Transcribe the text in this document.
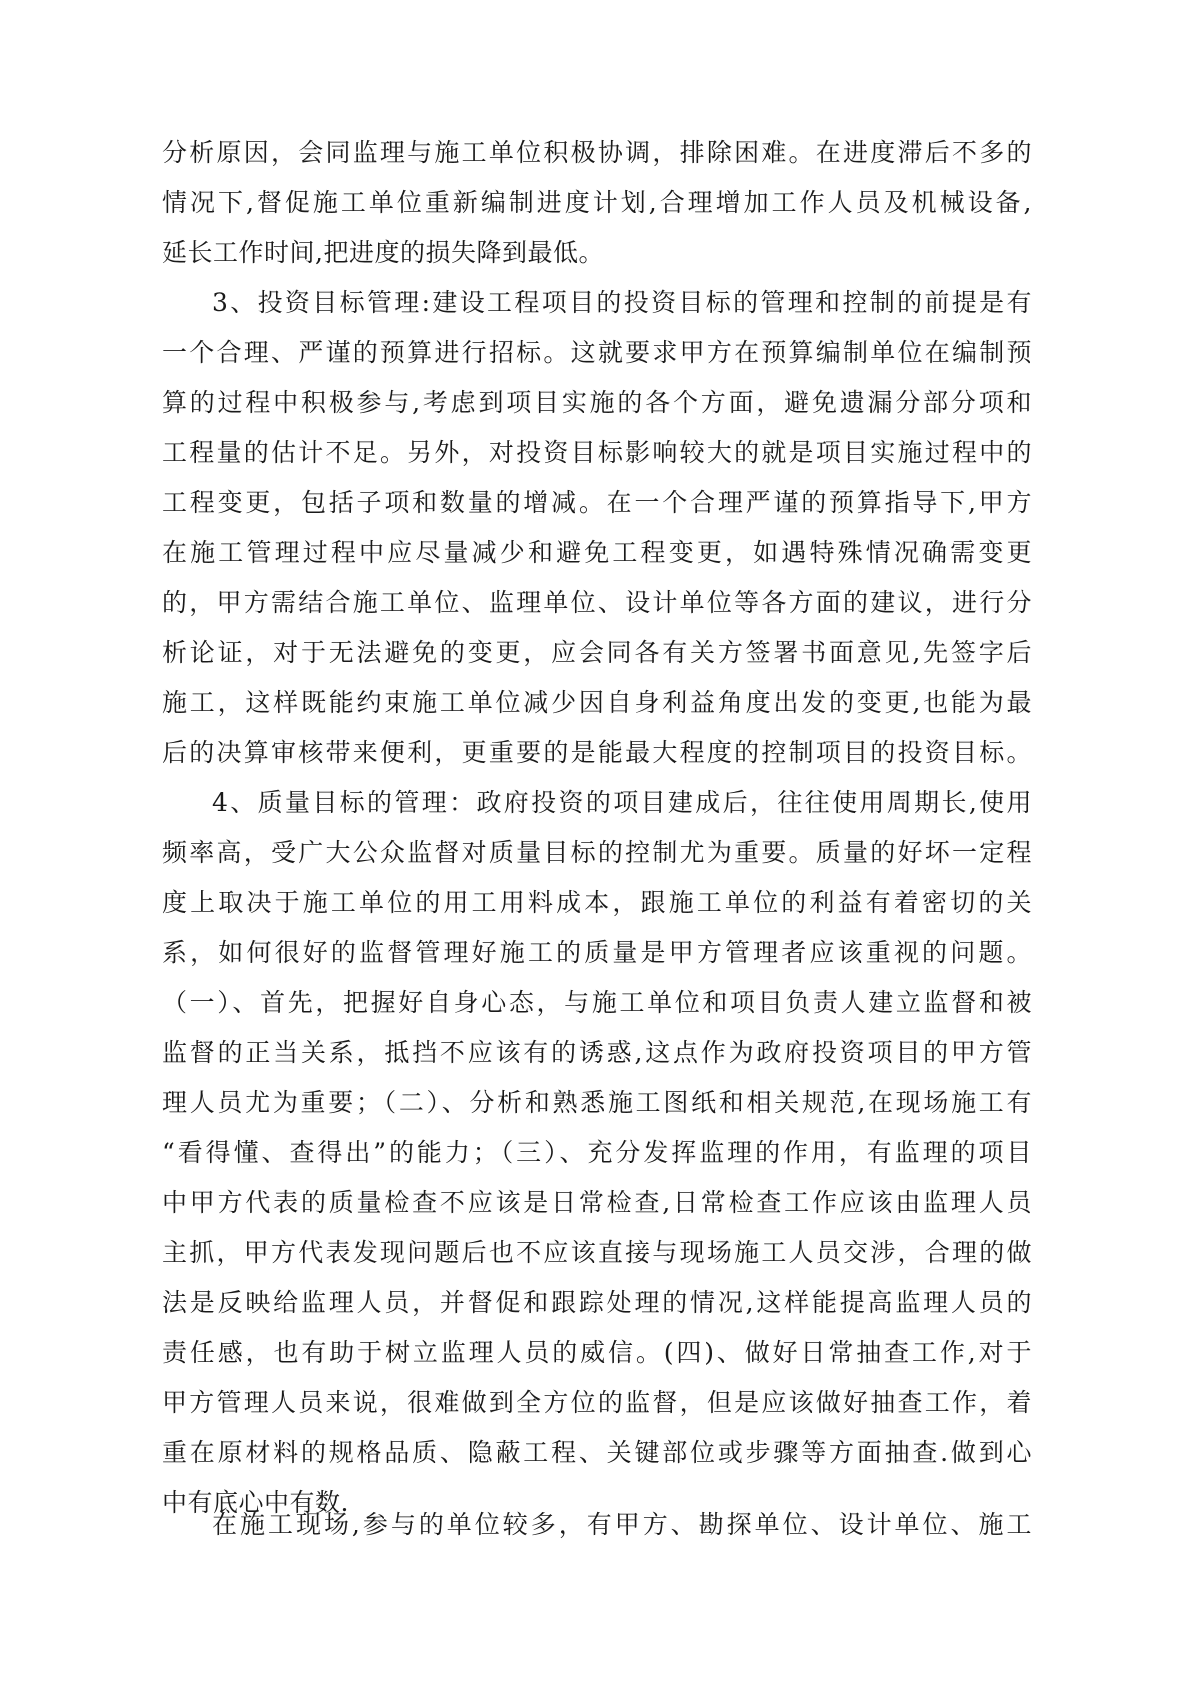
分析原因，会同监理与施工单位积极协调，排除困难。在进度滞后不多的
情况下,督促施工单位重新编制进度计划,合理增加工作人员及机械设备,
延长工作时间,把进度的损失降到最低。
3、投资目标管理:建设工程项目的投资目标的管理和控制的前提是有
一个合理、严谨的预算进行招标。这就要求甲方在预算编制单位在编制预
算的过程中积极参与,考虑到项目实施的各个方面，避免遗漏分部分项和
工程量的估计不足。另外，对投资目标影响较大的就是项目实施过程中的
工程变更，包括子项和数量的增减。在一个合理严谨的预算指导下,甲方
在施工管理过程中应尽量减少和避免工程变更，如遇特殊情况确需变更
的，甲方需结合施工单位、监理单位、设计单位等各方面的建议，进行分
析论证，对于无法避免的变更，应会同各有关方签署书面意见,先签字后
施工，这样既能约束施工单位减少因自身利益角度出发的变更,也能为最
后的决算审核带来便利，更重要的是能最大程度的控制项目的投资目标。
4、质量目标的管理：政府投资的项目建成后，往往使用周期长,使用
频率高，受广大公众监督对质量目标的控制尤为重要。质量的好坏一定程
度上取决于施工单位的用工用料成本，跟施工单位的利益有着密切的关
系，如何很好的监督管理好施工的质量是甲方管理者应该重视的问题。
（一）、首先，把握好自身心态，与施工单位和项目负责人建立监督和被
监督的正当关系，抵挡不应该有的诱惑,这点作为政府投资项目的甲方管
理人员尤为重要；（二）、分析和熟悉施工图纸和相关规范,在现场施工有
“看得懂、查得出”的能力；（三）、充分发挥监理的作用，有监理的项目
中甲方代表的质量检查不应该是日常检查,日常检查工作应该由监理人员
主抓，甲方代表发现问题后也不应该直接与现场施工人员交涉，合理的做
法是反映给监理人员，并督促和跟踪处理的情况,这样能提高监理人员的
责任感，也有助于树立监理人员的威信。(四)、做好日常抽查工作,对于
甲方管理人员来说，很难做到全方位的监督，但是应该做好抽查工作，着
重在原材料的规格品质、隐蔽工程、关键部位或步骤等方面抽查.做到心
中有底心中有数.
在施工现场,参与的单位较多，有甲方、勘探单位、设计单位、施工
